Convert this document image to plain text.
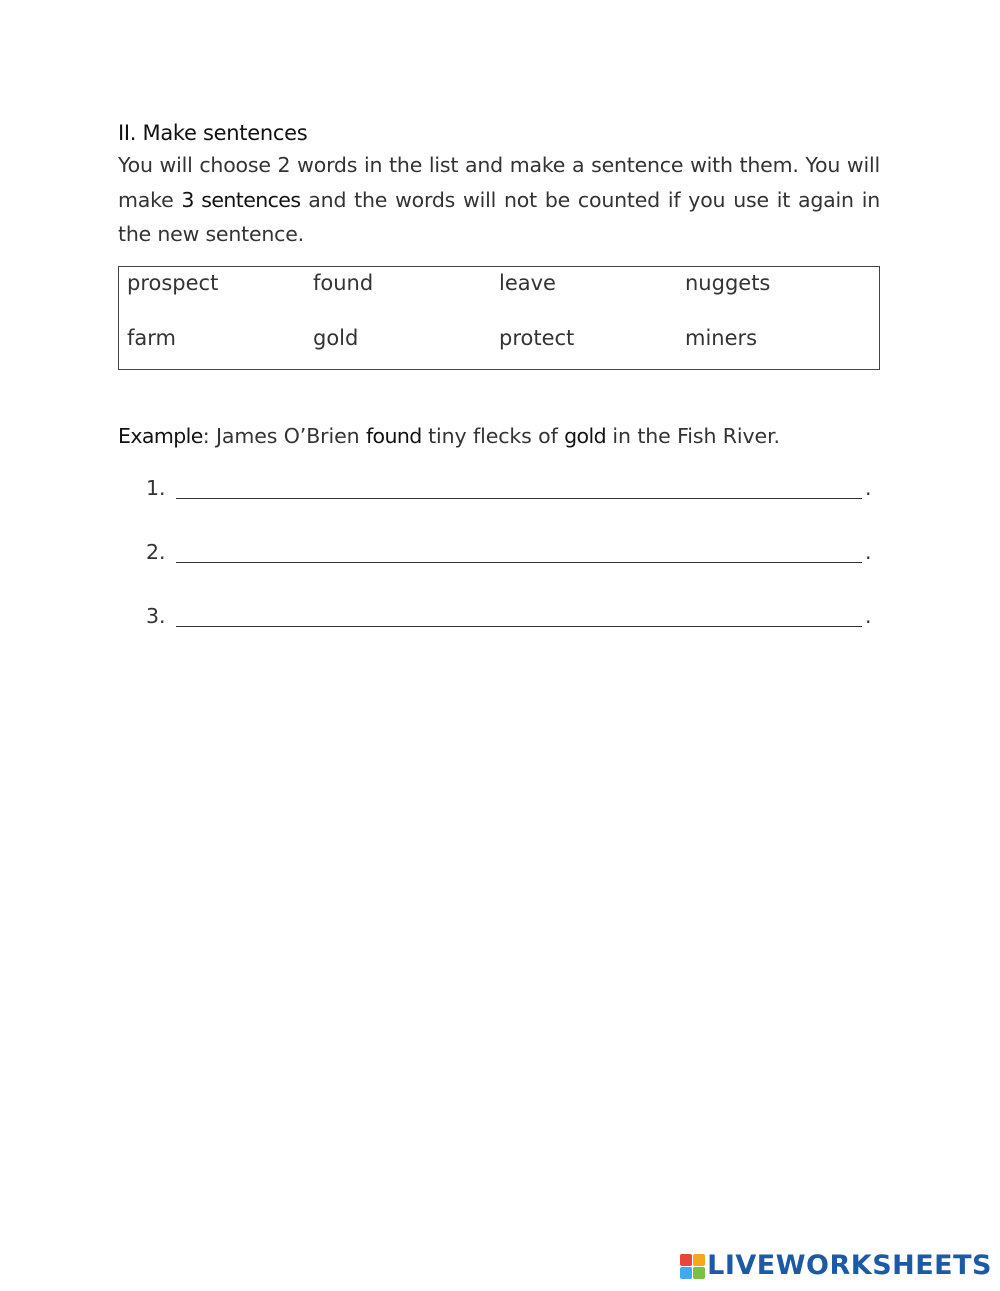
II. Make sentences

You will choose 2 words in the list and make a sentence with them. You will make 3 sentences and the words will not be counted if you use it again in the new sentence.

prospect	found	leave	nuggets
farm	gold	protect	miners

Example: James O’Brien found tiny flecks of gold in the Fish River.

1.	.
2.	.
3.	.
LIVEWORKSHEETS
